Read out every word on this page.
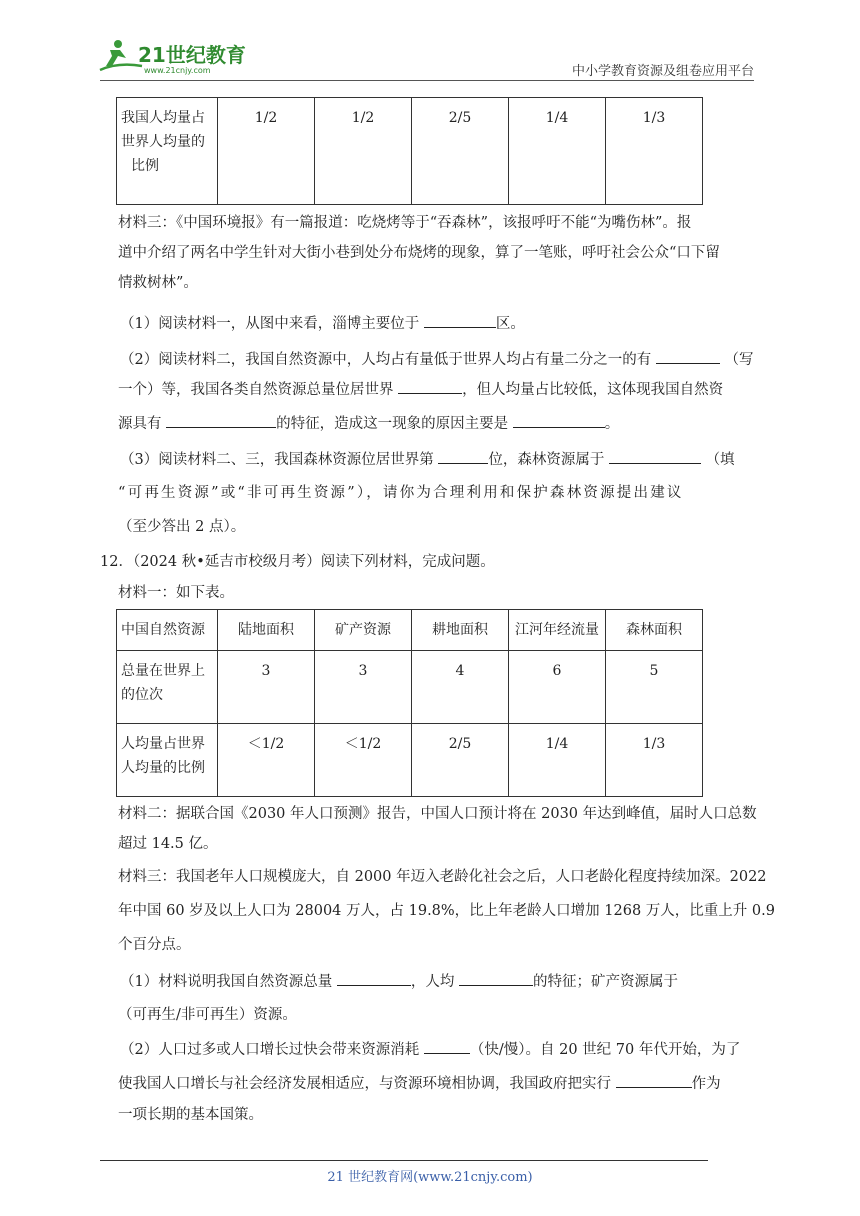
21世纪教育
www.21cnjy.com	中小学教育资源及组卷应用平台
我国人均量占
世界人均量的
比例
	1/2	1/2	2/5	1/4	1/3
材料三：《中国环境报》有一篇报道：吃烧烤等于“吞森林”，该报呼吁不能“为嘴伤林”。报
道中介绍了两名中学生针对大街小巷到处分布烧烤的现象，算了一笔账，呼吁社会公众“口下留
情救树林”。
（1）阅读材料一，从图中来看，淄博主要位于	区。
（2）阅读材料二，我国自然资源中，人均占有量低于世界人均占有量二分之一的有	（写
一个）等，我国各类自然资源总量位居世界	，但人均量占比较低，这体现我国自然资
源具有	的特征，造成这一现象的原因主要是	。
（3）阅读材料二、三，我国森林资源位居世界第	位，森林资源属于	（填
“可再生资源”或“非可再生资源”），请你为合理利用和保护森林资源提出建议
（至少答出 2 点）。
12．（2024 秋•延吉市校级月考）阅读下列材料，完成问题。
材料一：如下表。
中国自然资源	陆地面积	矿产资源	耕地面积	江河年经流量	森林面积

总量在世界上
的位次	3	3	4	6	5

人均量占世界
人均量的比例	＜1/2	＜1/2	2/5	1/4	1/3
材料二：据联合国《2030 年人口预测》报告，中国人口预计将在 2030 年达到峰值，届时人口总数
超过 14.5 亿。
材料三：我国老年人口规模庞大，自 2000 年迈入老龄化社会之后，人口老龄化程度持续加深。2022
年中国 60 岁及以上人口为 28004 万人，占 19.8%，比上年老龄人口增加 1268 万人，比重上升 0.9
个百分点。
（1）材料说明我国自然资源总量	，人均	的特征；矿产资源属于
（可再生/非可再生）资源。
（2）人口过多或人口增长过快会带来资源消耗	（快/慢）。自 20 世纪 70 年代开始，为了
使我国人口增长与社会经济发展相适应，与资源环境相协调，我国政府把实行	作为
一项长期的基本国策。
21 世纪教育网(www.21cnjy.com)
